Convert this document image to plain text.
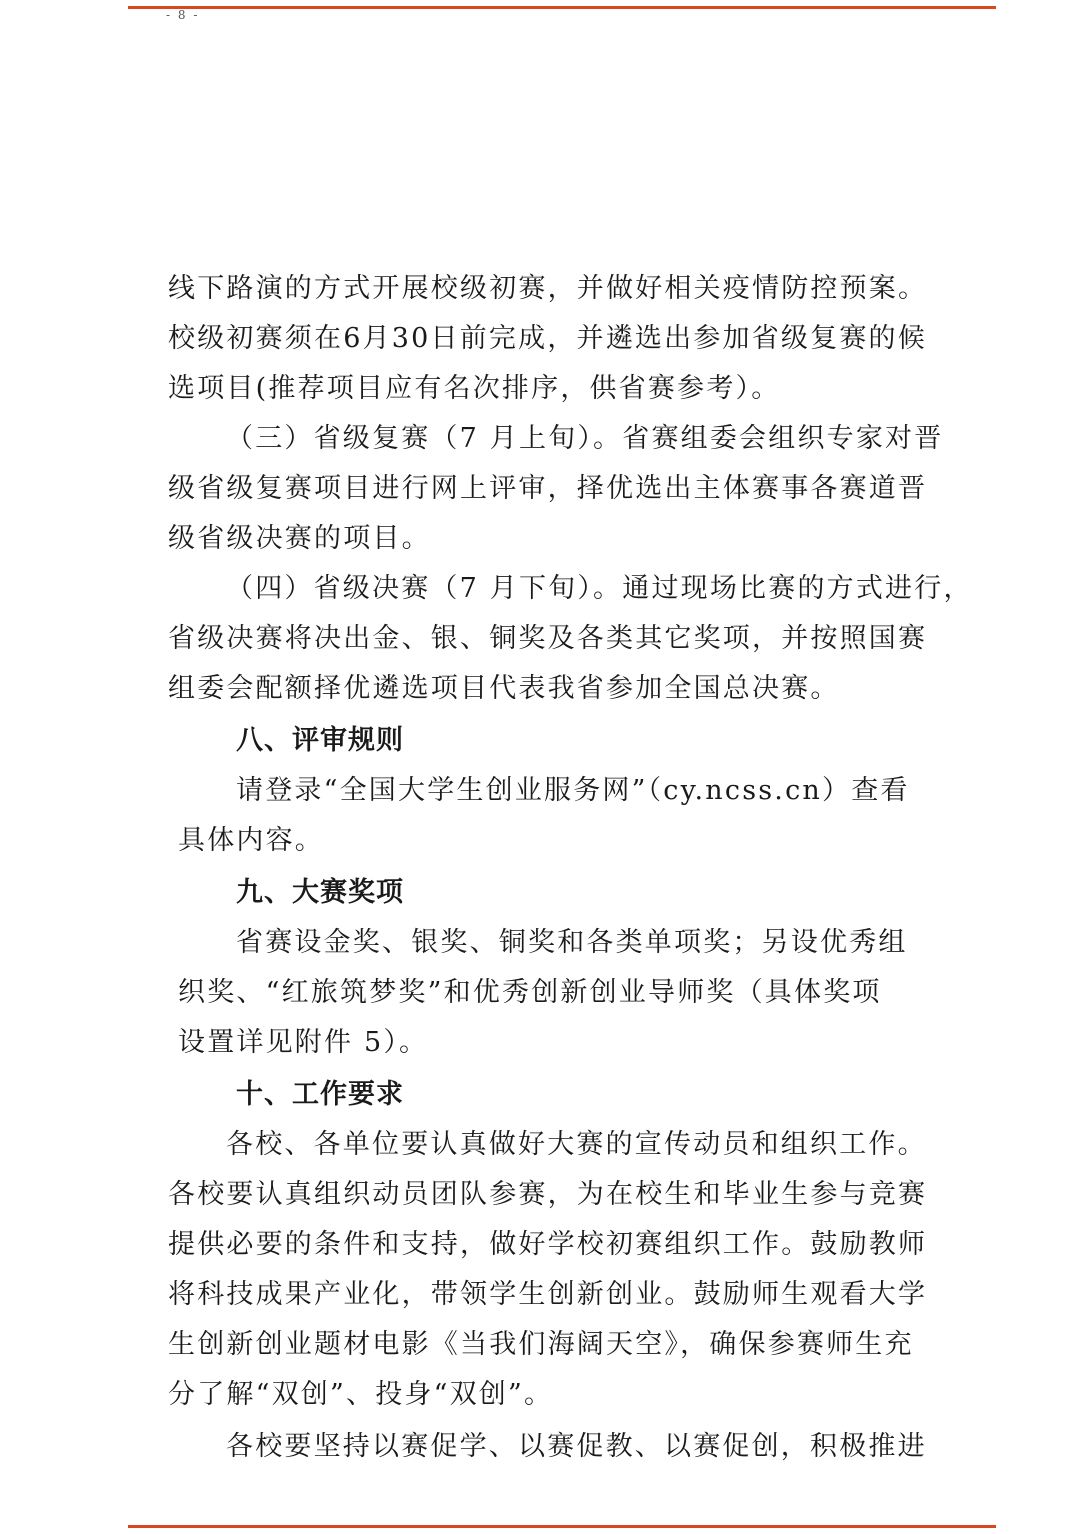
- 8 -
线下路演的方式开展校级初赛，并做好相关疫情防控预案。
校级初赛须在6月30日前完成，并遴选出参加省级复赛的候
选项目(推荐项目应有名次排序，供省赛参考）。
（三）省级复赛（7 月上旬）。省赛组委会组织专家对晋
级省级复赛项目进行网上评审，择优选出主体赛事各赛道晋
级省级决赛的项目。
（四）省级决赛（7 月下旬）。通过现场比赛的方式进行，
省级决赛将决出金、银、铜奖及各类其它奖项，并按照国赛
组委会配额择优遴选项目代表我省参加全国总决赛。
八、评审规则
请登录“全国大学生创业服务网”（cy.ncss.cn）查看
具体内容。
九、大赛奖项
省赛设金奖、银奖、铜奖和各类单项奖；另设优秀组
织奖、“红旅筑梦奖”和优秀创新创业导师奖（具体奖项
设置详见附件 5）。
十、工作要求
各校、各单位要认真做好大赛的宣传动员和组织工作。
各校要认真组织动员团队参赛，为在校生和毕业生参与竞赛
提供必要的条件和支持，做好学校初赛组织工作。鼓励教师
将科技成果产业化，带领学生创新创业。鼓励师生观看大学
生创新创业题材电影《当我们海阔天空》，确保参赛师生充
分了解“双创”、投身“双创”。
各校要坚持以赛促学、以赛促教、以赛促创，积极推进
